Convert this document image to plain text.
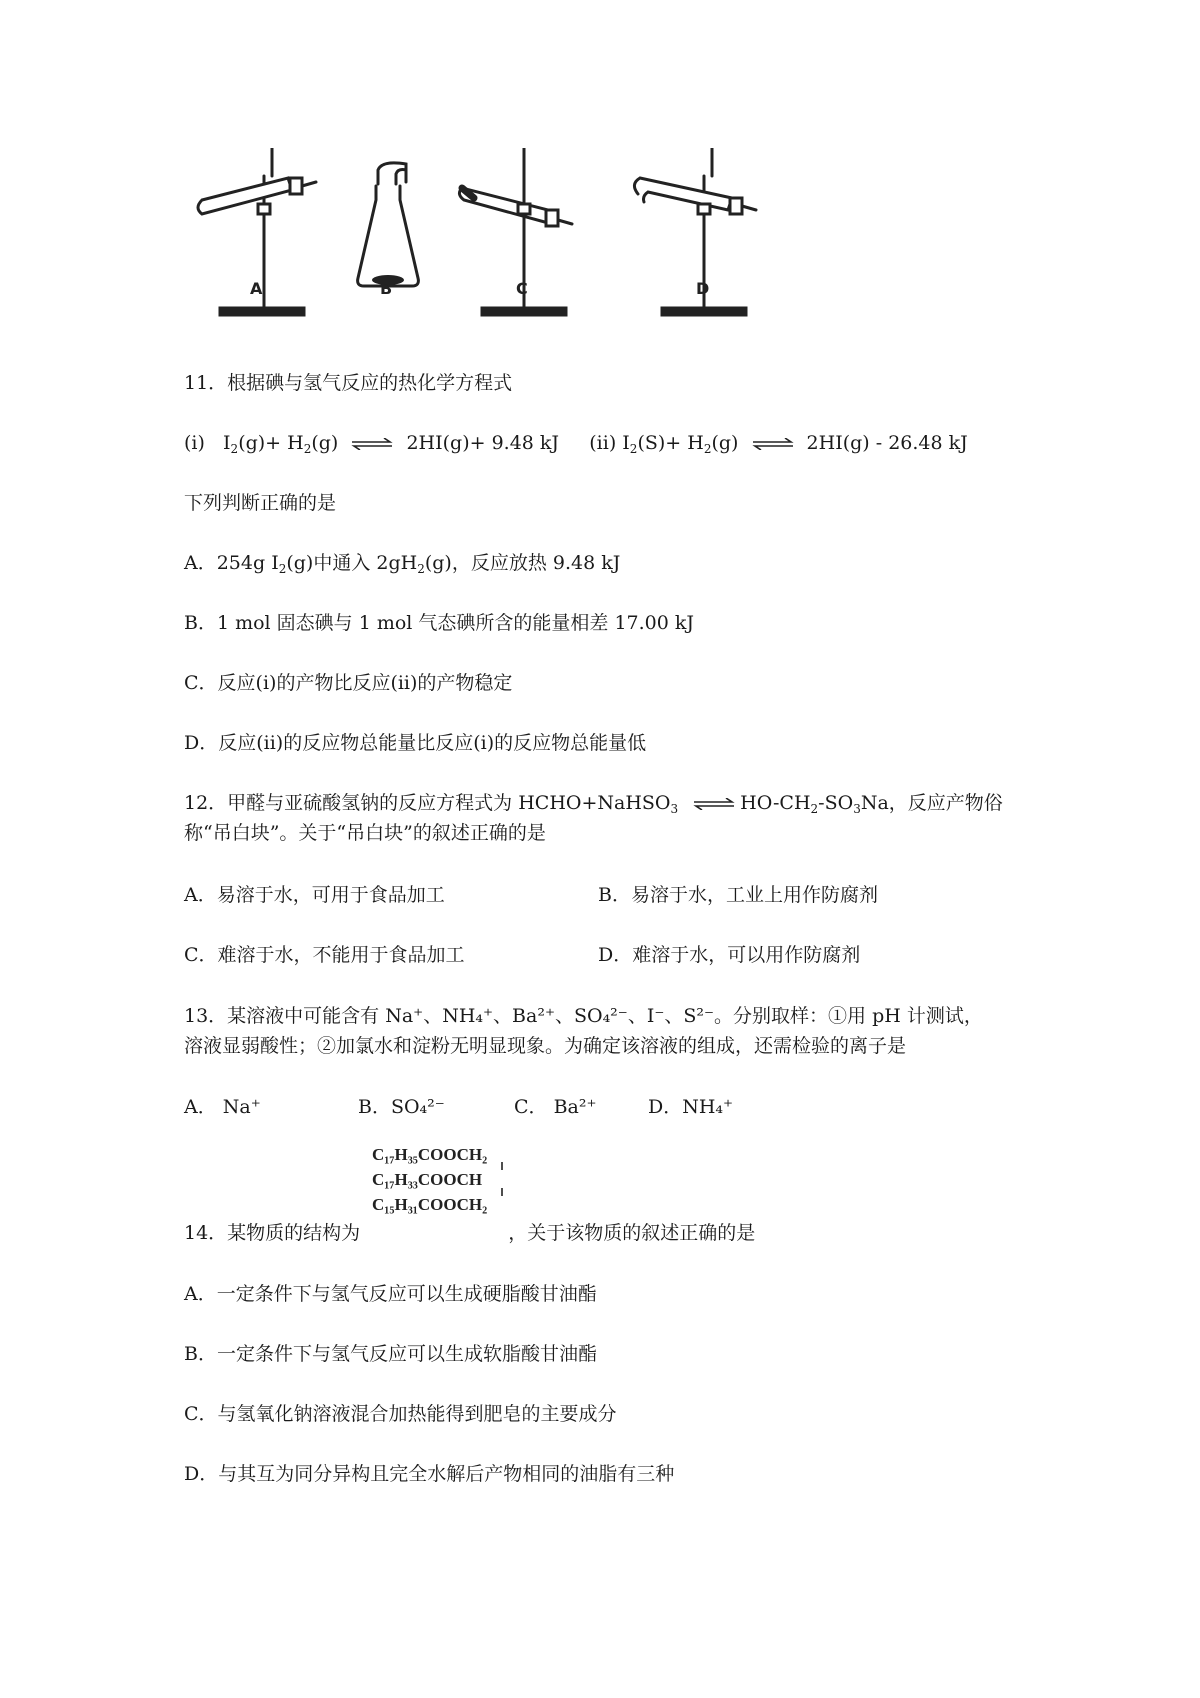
A	B	C	D
11．根据碘与氢气反应的热化学方程式
(i)   $I_2(g)+ H_2(g)$ ⇌ 2HI(g)+ 9.48 kJ (ii) $I_2(S)+ H_2(g)$ ⇌ 2HI(g) - 26.48 kJ
下列判断正确的是
A．254g $I_2(g)$中通入 $2gH_2(g)$，反应放热 9.48 kJ
B．1 mol 固态碘与 1 mol 气态碘所含的能量相差 17.00 kJ
C．反应(i)的产物比反应(ii)的产物稳定
D．反应(ii)的反应物总能量比反应(i)的反应物总能量低
12．甲醛与亚硫酸氢钠的反应方程式为 HCHO+NaHSO$_3$ ⇌ $HO-CH_2-SO_3Na$，反应产物俗
称“吊白块”。关于“吊白块”的叙述正确的是
A．易溶于水，可用于食品加工	B．易溶于水，工业上用作防腐剂
C．难溶于水，不能用于食品加工	D．难溶于水，可以用作防腐剂
13．某溶液中可能含有 Na⁺、NH₄⁺、Ba²⁺、SO₄²⁻、I⁻、S²⁻。分别取样：①用 pH 计测试，
溶液显弱酸性；②加氯水和淀粉无明显现象。为确定该溶液的组成，还需检验的离子是
A． Na⁺	B．SO₄²⁻	C． Ba²⁺	D．NH₄⁺
C₁₇H₃₅COOCH₂
C₁₇H₃₃COOCH
C₁₅H₃₁COOCH₂
14．某物质的结构为	，关于该物质的叙述正确的是
A．一定条件下与氢气反应可以生成硬脂酸甘油酯
B．一定条件下与氢气反应可以生成软脂酸甘油酯
C．与氢氧化钠溶液混合加热能得到肥皂的主要成分
D．与其互为同分异构且完全水解后产物相同的油脂有三种
